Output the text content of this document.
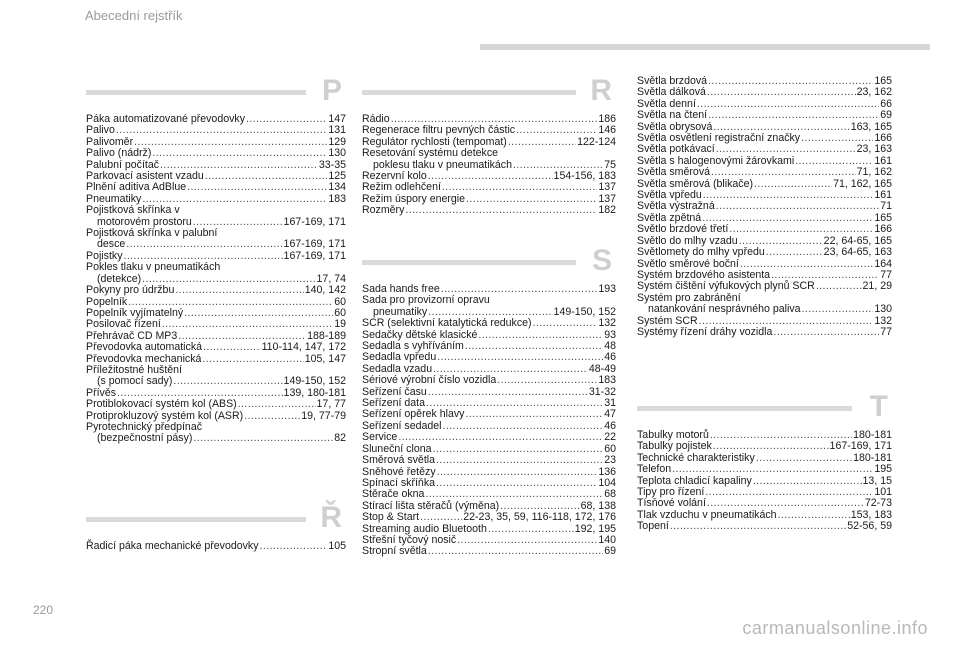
Abecední rejstřík
P
Páka automatizované převodovky .....	147
Palivo .....	131
Palivoměr .....	129
Palivo (nádrž) .....	130
Palubní počítač .....	33-35
Parkovací asistent vzadu .....	125
Plnění aditiva AdBlue .....	134
Pneumatiky .....	183
Pojistková skřínka v
motorovém prostoru .....	167-169, 171
Pojistková skřínka v palubní
desce .....	167-169, 171
Pojistky .....	167-169, 171
Pokles tlaku v pneumatikách
(detekce) .....	17, 74
Pokyny pro údržbu .....	140, 142
Popelník .....	60
Popelník vyjímatelný .....	60
Posilovač řízení .....	19
Přehrávač CD MP3 .....	188-189
Převodovka automatická .....	110-114, 147, 172
Převodovka mechanická .....	105, 147
Příležitostné huštění
(s pomocí sady) .....	149-150, 152
Přívěs .....	139, 180-181
Protiblokovací systém kol (ABS) .....	17, 77
Protiprokluzový systém kol (ASR) .....	19, 77-79
Pyrotechnický předpínač
(bezpečnostní pásy) .....	82
Ř
Řadicí páka mechanické převodovky .....	105
R
Rádio .....	186
Regenerace filtru pevných částic .....	146
Regulátor rychlosti (tempomat) .....	122-124
Resetování systému detekce
poklesu tlaku v pneumatikách .....	75
Rezervní kolo .....	154-156, 183
Režim odlehčení .....	137
Režim úspory energie .....	137
Rozměry .....	182
S
Sada hands free .....	193
Sada pro provizorní opravu
pneumatiky .....	149-150, 152
SCR (selektivní katalytická redukce) .....	132
Sedačky dětské klasické .....	93
Sedadla s vyhříváním .....	48
Sedadla vpředu .....	46
Sedadla vzadu .....	48-49
Sériové výrobní číslo vozidla .....	183
Seřízení času .....	31-32
Seřízení data .....	31
Seřízení opěrek hlavy .....	47
Seřízení sedadel .....	46
Service .....	22
Sluneční clona .....	60
Směrová světla .....	23
Sněhové řetězy .....	136
Spínací skříňka .....	104
Stěrače okna .....	68
Stírací lišta stěračů (výměna) .....	68, 138
Stop & Start .....	22-23, 35, 59, 116-118, 172, 176
Streaming audio Bluetooth .....	192, 195
Střešní tyčový nosič .....	140
Stropní světla .....	69
Světla brzdová .....	165
Světla dálková .....	23, 162
Světla denní .....	66
Světla na čtení .....	69
Světla obrysová .....	163, 165
Světla osvětlení registrační značky .....	166
Světla potkávací .....	23, 163
Světla s halogenovými žárovkami .....	161
Světla směrová .....	71, 162
Světla směrová (blikače) .....	71, 162, 165
Světla vpředu .....	161
Světla výstražná .....	71
Světla zpětná .....	165
Světlo brzdové třetí .....	166
Světlo do mlhy vzadu .....	22, 64-65, 165
Světlomety do mlhy vpředu .....	23, 64-65, 163
Světlo směrové boční .....	164
Systém brzdového asistenta .....	77
Systém čištění výfukových plynů SCR .....	21, 29
Systém pro zabránění
natankování nesprávného paliva .....	130
Systém SCR .....	132
Systémy řízení dráhy vozidla .....	77
T
Tabulky motorů .....	180-181
Tabulky pojistek .....	167-169, 171
Technické charakteristiky .....	180-181
Telefon .....	195
Teplota chladicí kapaliny .....	13, 15
Tipy pro řízení .....	101
Tísňové volání .....	72-73
Tlak vzduchu v pneumatikách .....	153, 183
Topení .....	52-56, 59
220
carmanualsonline.info
